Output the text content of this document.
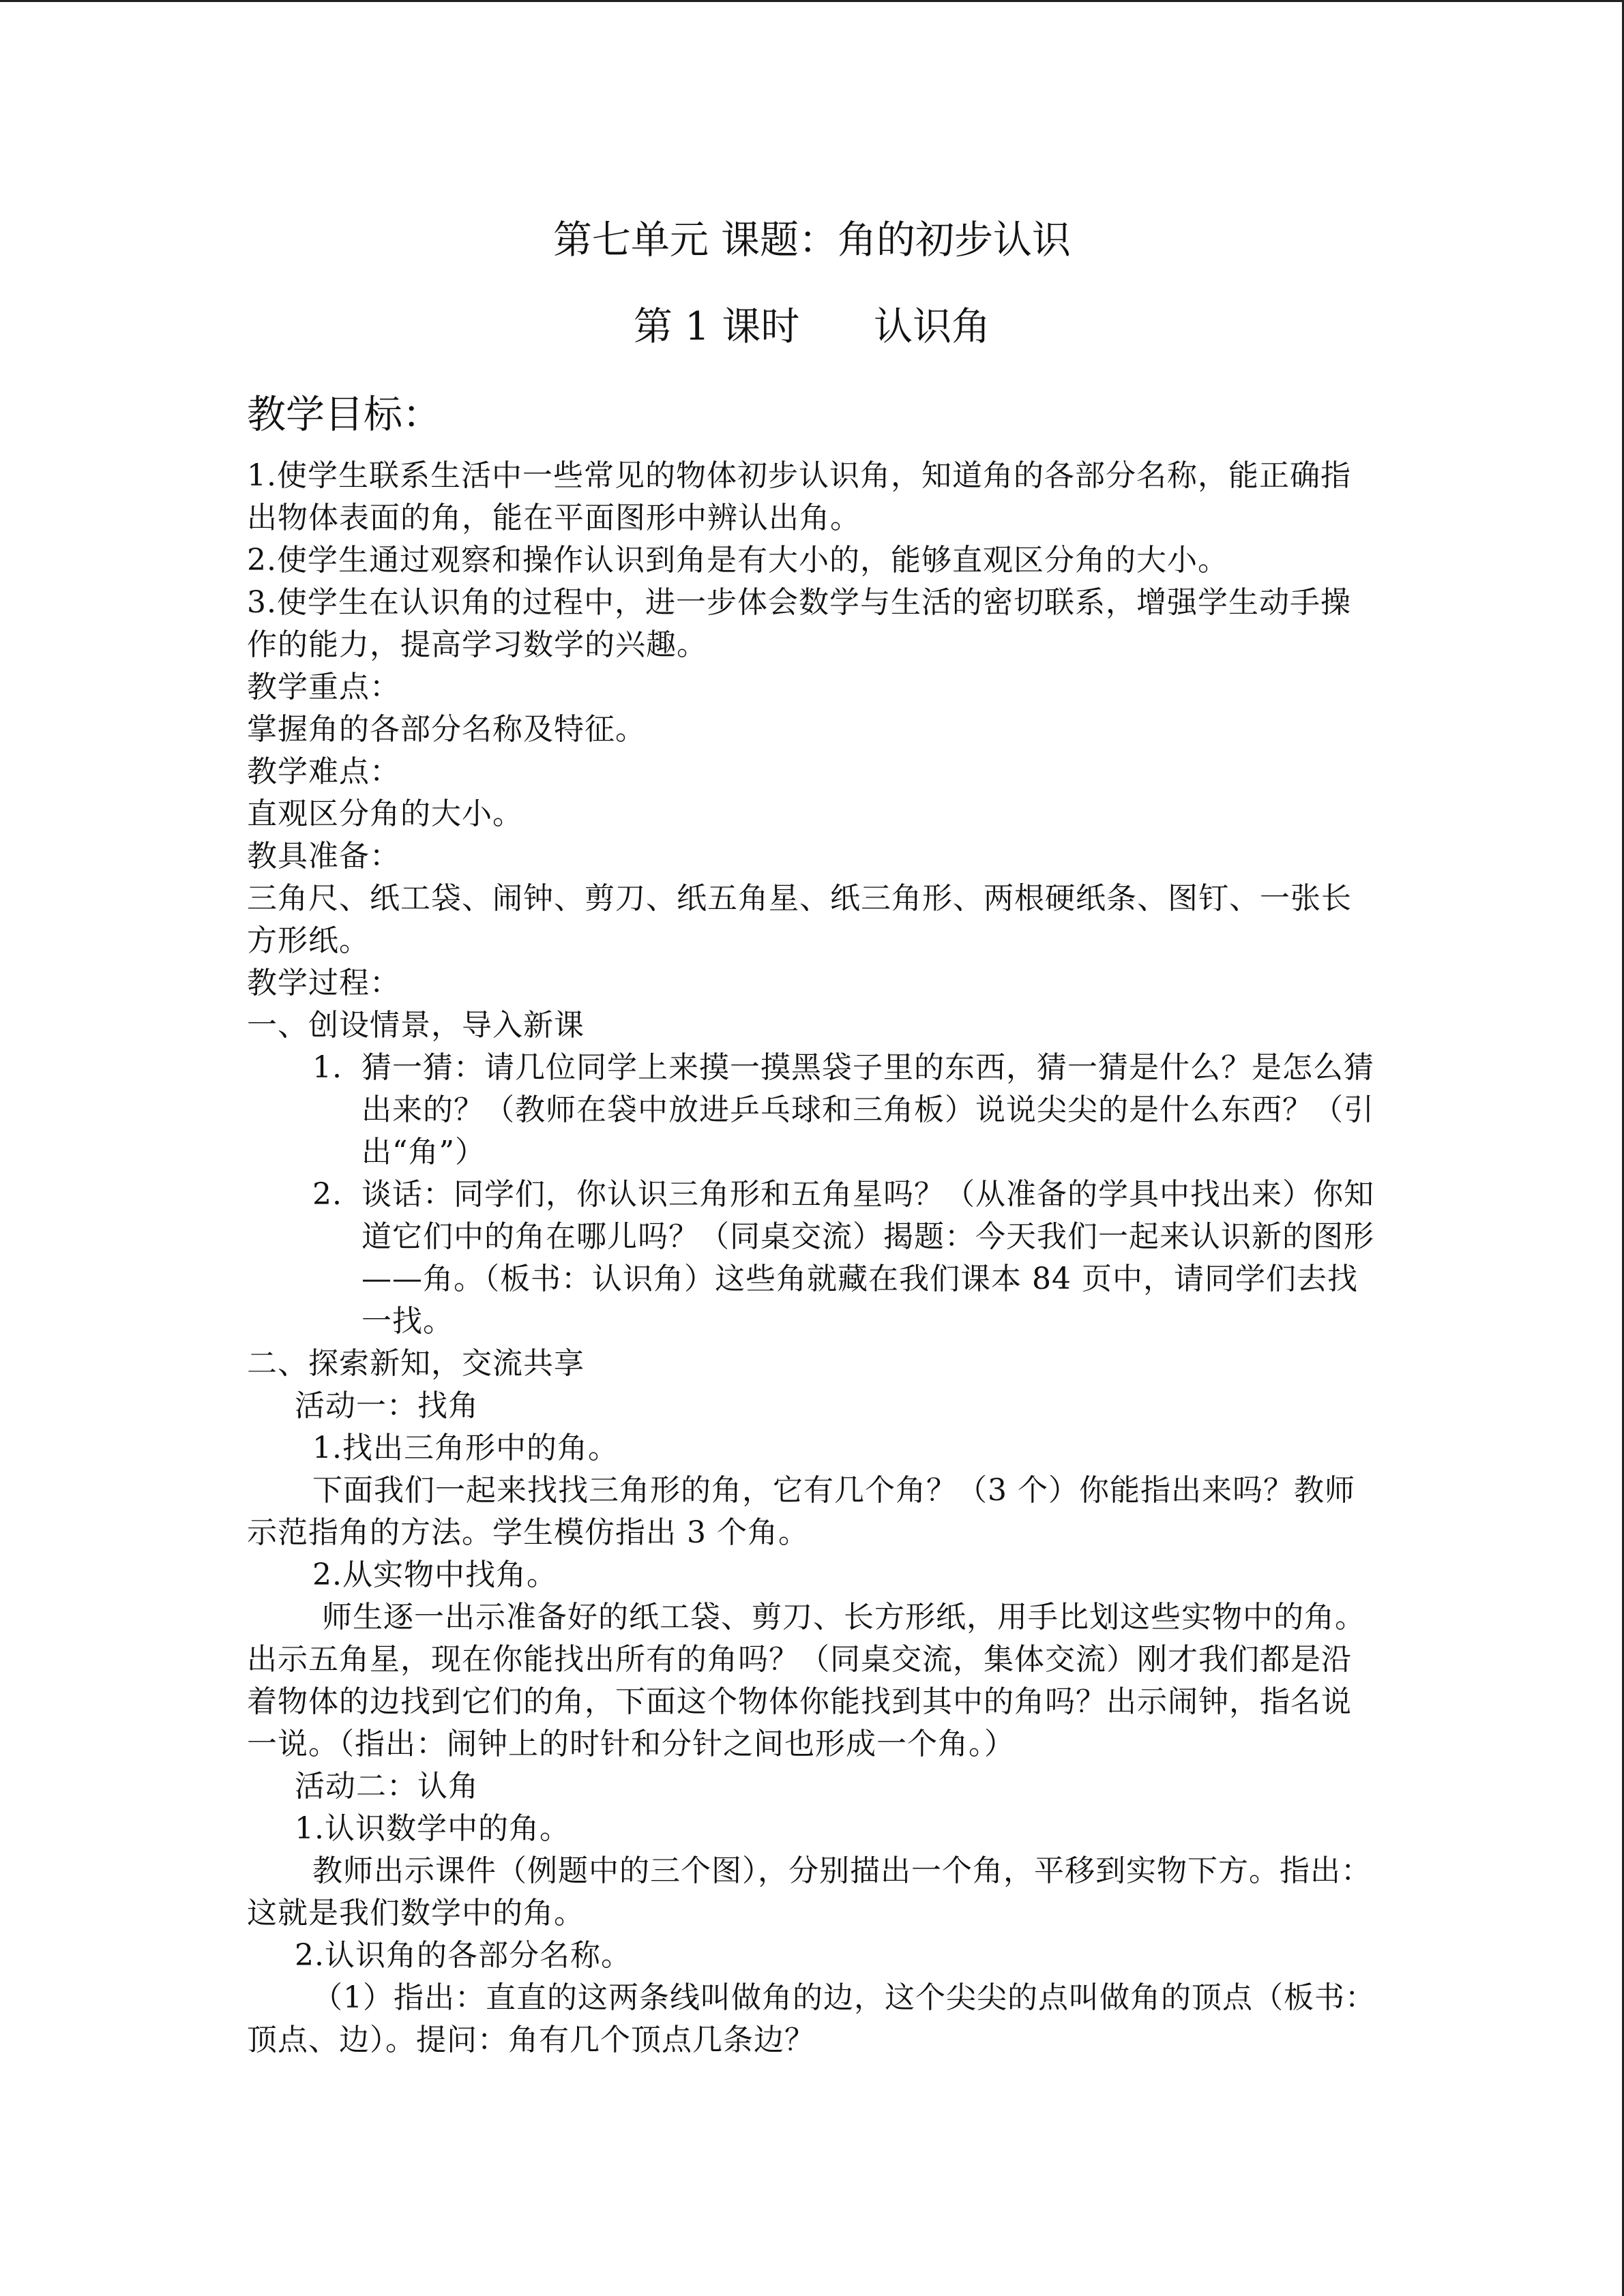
第七单元 课题：角的初步认识
第 1 课时      认识角
教学目标：

1.使学生联系生活中一些常见的物体初步认识角，知道角的各部分名称，能正确指出物体表面的角，能在平面图形中辨认出角。

2.使学生通过观察和操作认识到角是有大小的，能够直观区分角的大小。

3.使学生在认识角的过程中，进一步体会数学与生活的密切联系，增强学生动手操作的能力，提高学习数学的兴趣。

教学重点：

掌握角的各部分名称及特征。

教学难点：

直观区分角的大小。

教具准备：

三角尺、纸工袋、闹钟、剪刀、纸五角星、纸三角形、两根硬纸条、图钉、一张长方形纸。

教学过程：

一、创设情景，导入新课

1. 猜一猜：请几位同学上来摸一摸黑袋子里的东西，猜一猜是什么？是怎么猜出来的？（教师在袋中放进乒乓球和三角板）说说尖尖的是什么东西？（引出“角”）
2. 谈话：同学们，你认识三角形和五角星吗？（从准备的学具中找出来）你知道它们中的角在哪儿吗？（同桌交流）揭题：今天我们一起来认识新的图形——角。（板书：认识角）这些角就藏在我们课本 84 页中，请同学们去找一找。

二、探索新知，交流共享

活动一：找角

1.找出三角形中的角。

下面我们一起来找找三角形的角，它有几个角？（3 个）你能指出来吗？教师示范指角的方法。学生模仿指出 3 个角。

2.从实物中找角。

师生逐一出示准备好的纸工袋、剪刀、长方形纸，用手比划这些实物中的角。出示五角星，现在你能找出所有的角吗？（同桌交流，集体交流）刚才我们都是沿着物体的边找到它们的角，下面这个物体你能找到其中的角吗？出示闹钟，指名说一说。（指出：闹钟上的时针和分针之间也形成一个角。）

活动二：认角

1.认识数学中的角。

教师出示课件（例题中的三个图），分别描出一个角，平移到实物下方。指出：这就是我们数学中的角。

2.认识角的各部分名称。

（1）指出：直直的这两条线叫做角的边，这个尖尖的点叫做角的顶点（板书：顶点、边）。提问：角有几个顶点几条边？
